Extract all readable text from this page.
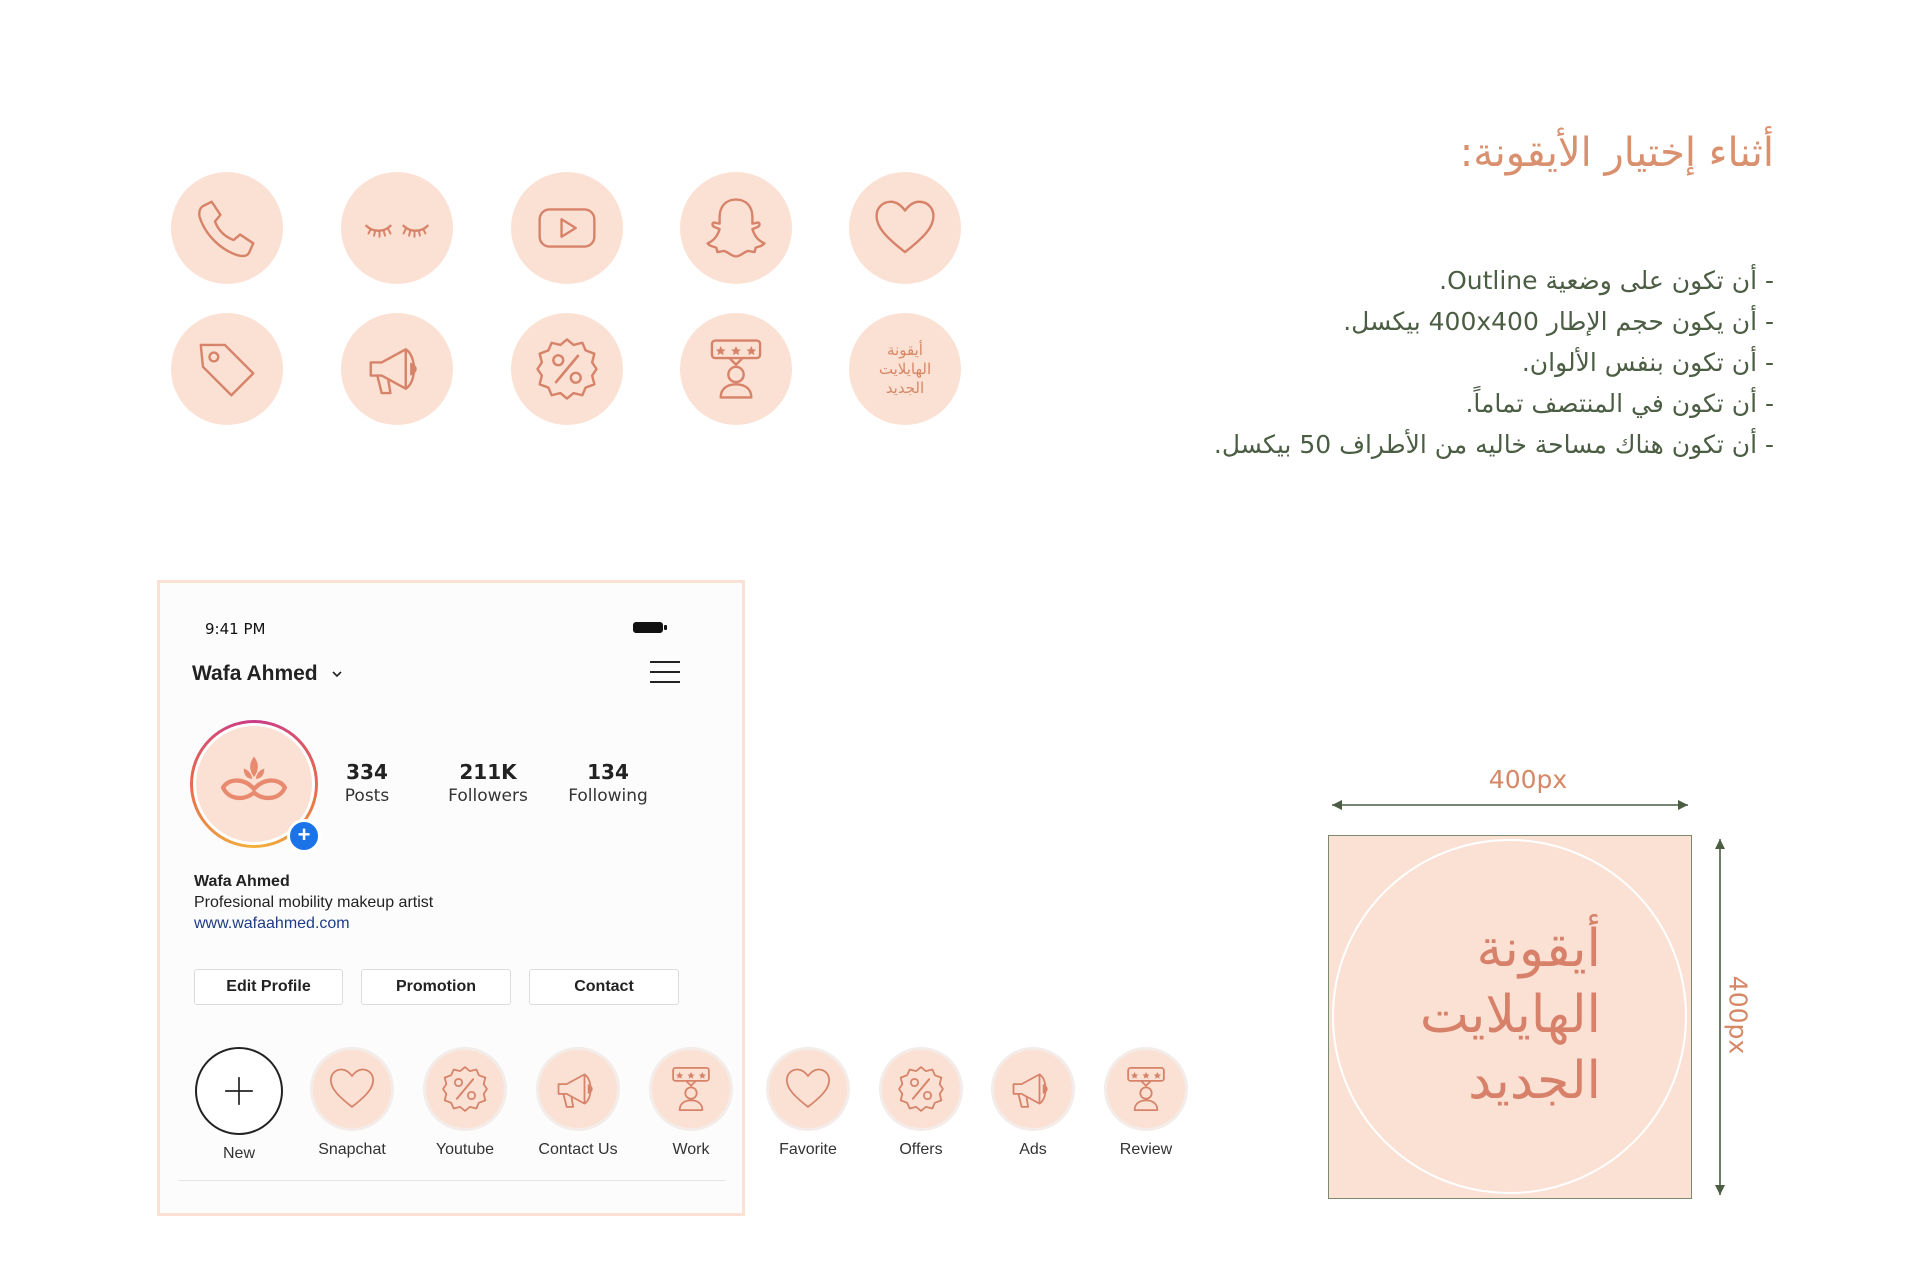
أيقونة
الهايلايت
الجديد
أثناء إختيار الأيقونة:
- أن تكون على وضعية Outline.
- أن يكون حجم الإطار 400x400 بيكسل.
- أن تكون بنفس الألوان.
- أن تكون في المنتصف تماماً.
- أن تكون هناك مساحة خاليه من الأطراف 50 بيكسل.
9:41 PM
Wafa Ahmed
+
334
Posts
211K
Followers
134
Following
Wafa Ahmed
Profesional mobility makeup artist
www.wafaahmed.com
Edit Profile	Promotion	Contact
New	Snapchat	Youtube	Contact Us	Work	Favorite	Offers	Ads	Review
400px
أيقونة
الهايلايت
الجديد
400px
